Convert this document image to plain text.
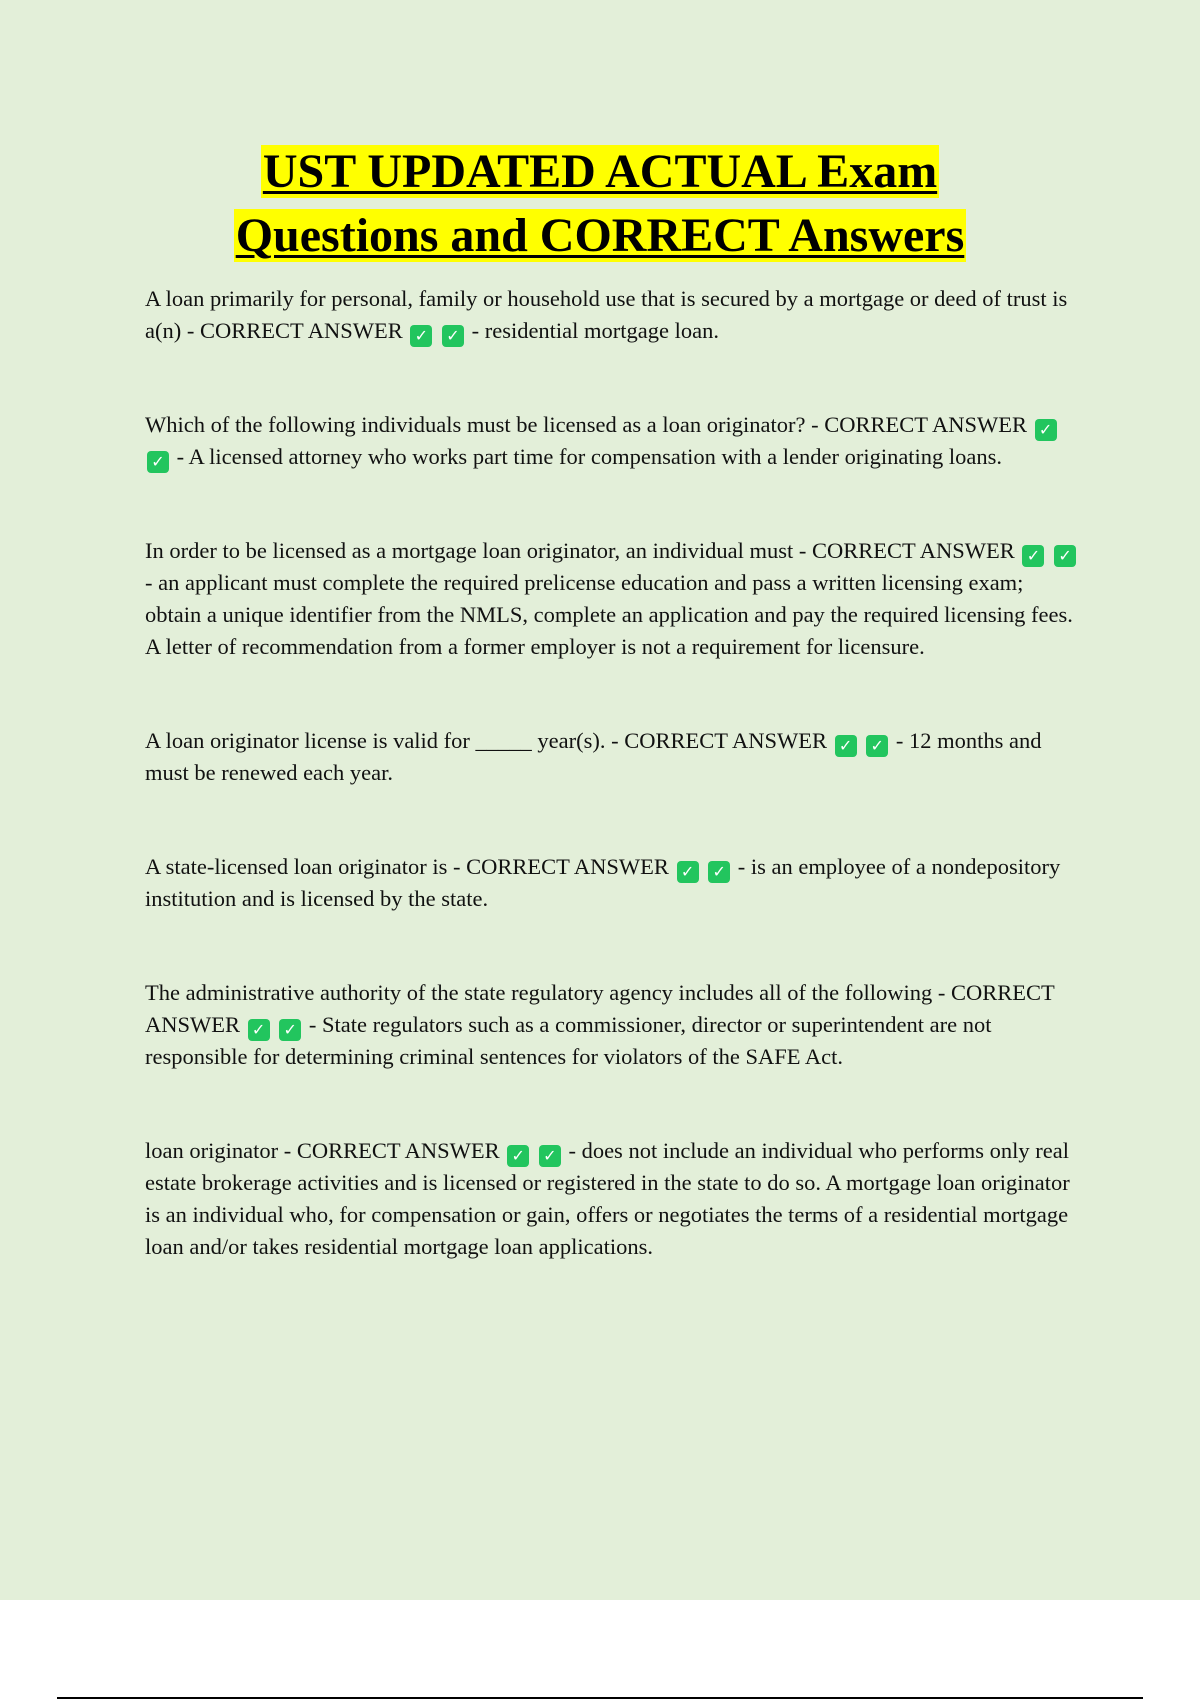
UST UPDATED ACTUAL Exam
Questions and CORRECT Answers

A loan primarily for personal, family or household use that is secured by a mortgage or deed of trust is a(n) - CORRECT ANSWER ✓ ✓ - residential mortgage loan.

Which of the following individuals must be licensed as a loan originator? - CORRECT ANSWER ✓ ✓ - A licensed attorney who works part time for compensation with a lender originating loans.

In order to be licensed as a mortgage loan originator, an individual must - CORRECT ANSWER ✓ ✓ - an applicant must complete the required prelicense education and pass a written licensing exam; obtain a unique identifier from the NMLS, complete an application and pay the required licensing fees. A letter of recommendation from a former employer is not a requirement for licensure.

A loan originator license is valid for _____ year(s). - CORRECT ANSWER ✓ ✓ - 12 months and must be renewed each year.

A state-licensed loan originator is - CORRECT ANSWER ✓ ✓ - is an employee of a nondepository institution and is licensed by the state.

The administrative authority of the state regulatory agency includes all of the following - CORRECT ANSWER ✓ ✓ - State regulators such as a commissioner, director or superintendent are not responsible for determining criminal sentences for violators of the SAFE Act.

loan originator - CORRECT ANSWER ✓ ✓ - does not include an individual who performs only real estate brokerage activities and is licensed or registered in the state to do so. A mortgage loan originator is an individual who, for compensation or gain, offers or negotiates the terms of a residential mortgage loan and/or takes residential mortgage loan applications.
